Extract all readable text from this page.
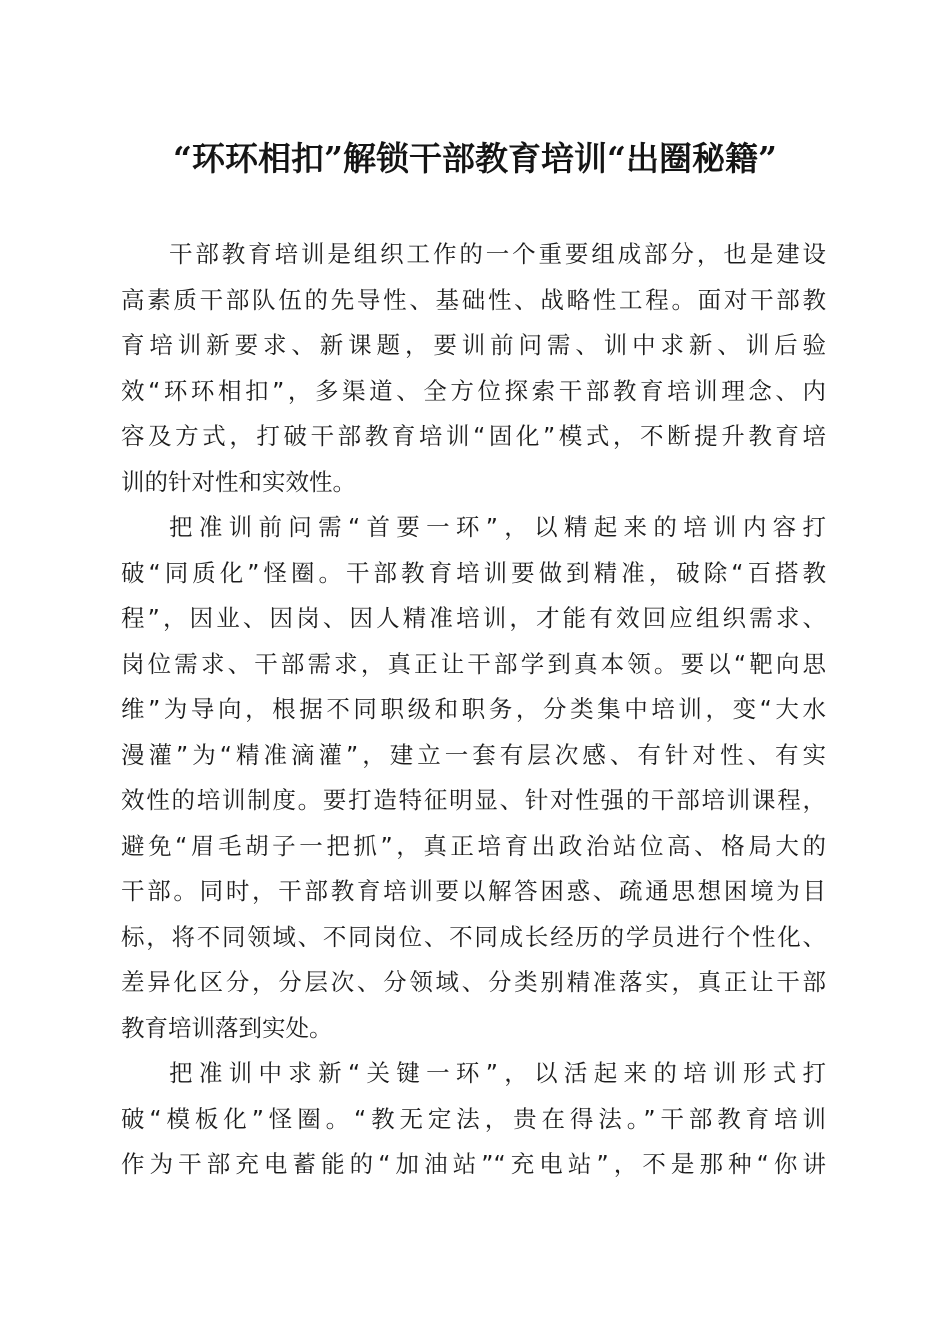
“环环相扣”解锁干部教育培训“出圈秘籍”
干部教育培训是组织工作的一个重要组成部分，也是建设
高素质干部队伍的先导性、基础性、战略性工程。面对干部教
育培训新要求、新课题，要训前问需、训中求新、训后验
效“环环相扣”，多渠道、全方位探索干部教育培训理念、内
容及方式，打破干部教育培训“固化”模式，不断提升教育培
训的针对性和实效性。
把准训前问需“首要一环”，以精起来的培训内容打
破“同质化”怪圈。干部教育培训要做到精准，破除“百搭教
程”，因业、因岗、因人精准培训，才能有效回应组织需求、
岗位需求、干部需求，真正让干部学到真本领。要以“靶向思
维”为导向，根据不同职级和职务，分类集中培训，变“大水
漫灌”为“精准滴灌”，建立一套有层次感、有针对性、有实
效性的培训制度。要打造特征明显、针对性强的干部培训课程，
避免“眉毛胡子一把抓”，真正培育出政治站位高、格局大的
干部。同时，干部教育培训要以解答困惑、疏通思想困境为目
标，将不同领域、不同岗位、不同成长经历的学员进行个性化、
差异化区分，分层次、分领域、分类别精准落实，真正让干部
教育培训落到实处。
把准训中求新“关键一环”，以活起来的培训形式打
破“模板化”怪圈。“教无定法，贵在得法。”干部教育培训
作为干部充电蓄能的“加油站”“充电站”，不是那种“你讲
